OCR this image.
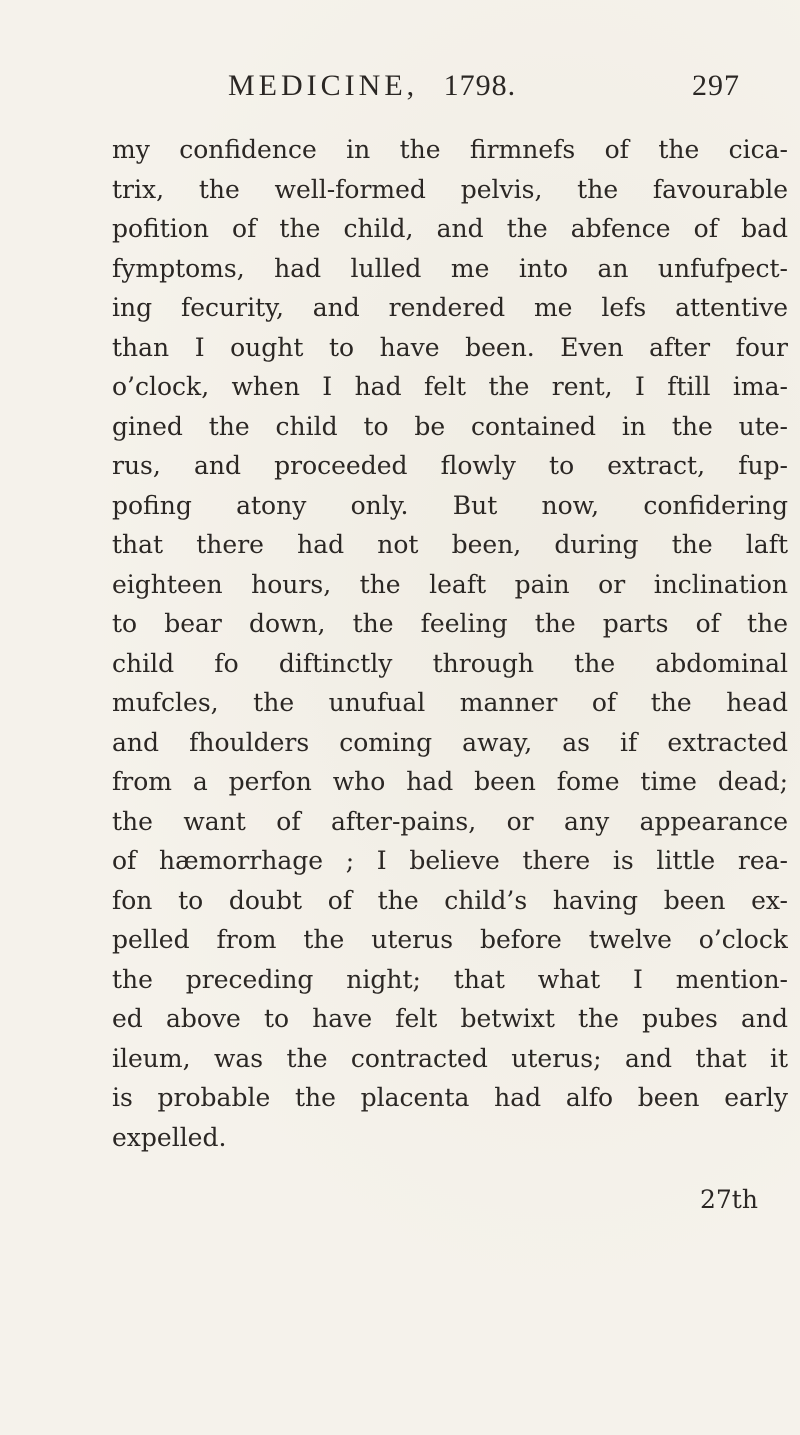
MEDICINE, 1798.	297
my confidence in the firmnefs of the cica-
trix, the well-formed pelvis, the favourable
pofition of the child, and the abfence of bad
fymptoms, had lulled me into an unfufpect-
ing fecurity, and rendered me lefs attentive
than I ought to have been. Even after four
o’clock, when I had felt the rent, I ftill ima-
gined the child to be contained in the ute-
rus, and proceeded flowly to extract, fup-
pofing atony only. But now, confidering
that there had not been, during the laft
eighteen hours, the leaft pain or inclination
to bear down, the feeling the parts of the
child fo diftinctly through the abdominal
mufcles, the unufual manner of the head
and fhoulders coming away, as if extracted
from a perfon who had been fome time dead;
the want of after-pains, or any appearance
of hæmorrhage ; I believe there is little rea-
fon to doubt of the child’s having been ex-
pelled from the uterus before twelve o’clock
the preceding night; that what I mention-
ed above to have felt betwixt the pubes and
ileum, was the contracted uterus; and that it
is probable the placenta had alfo been early
expelled.
27th
